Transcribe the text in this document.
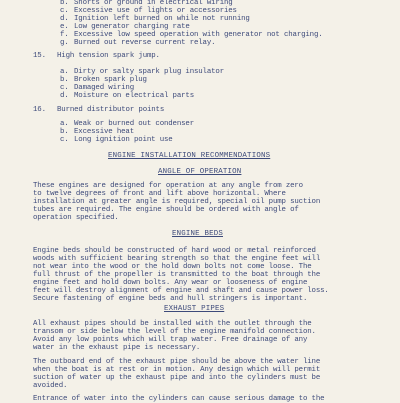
b. Shorts or ground in electrical wiring

c. Excessive use of lights or accessories

d. Ignition left burned on while not running

e. Low generator charging rate

f. Excessive low speed operation with generator not charging.

g. Burned out reverse current relay.

15. High tension spark jump.

a. Dirty or salty spark plug insulator

b. Broken spark plug

c. Damaged wiring

d. Moisture on electrical parts

16. Burned distributor points

a. Weak or burned out condenser

b. Excessive heat

c. Long ignition point use

ENGINE INSTALLATION RECOMMENDATIONS

ANGLE OF OPERATION

These engines are designed for operation at any angle from zero

to twelve degrees of front and lift above horizontal. Where

installation at greater angle is required, special oil pump suction

tubes are required. The engine should be ordered with angle of

operation specified.

ENGINE BEDS

Engine beds should be constructed of hard wood or metal reinforced

woods with sufficient bearing strength so that the engine feet will

not wear into the wood or the hold down bolts not come loose. The

full thrust of the propeller is transmitted to the boat through the

engine feet and hold down bolts. Any wear or looseness of engine

feet will destroy alignment of engine and shaft and cause power loss.

Secure fastening of engine beds and hull stringers is important.

EXHAUST PIPES

All exhaust pipes should be installed with the outlet through the

transom or side below the level of the engine manifold connection.

Avoid any low points which will trap water. Free drainage of any

water in the exhaust pipe is necessary.

The outboard end of the exhaust pipe should be above the water line

when the boat is at rest or in motion. Any design which will permit

suction of water up the exhaust pipe and into the cylinders must be

avoided.

Entrance of water into the cylinders can cause serious damage to the
